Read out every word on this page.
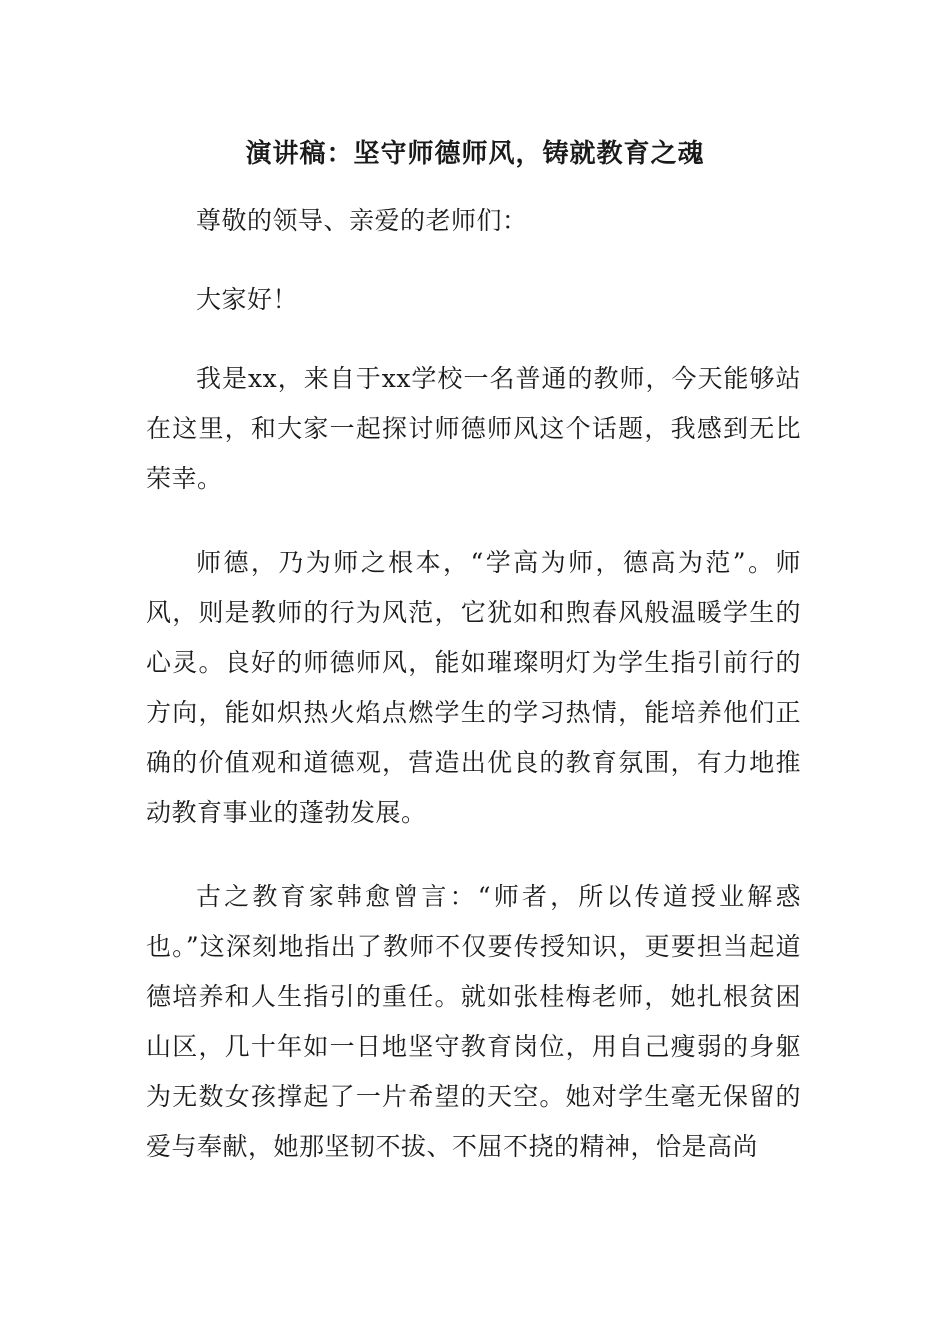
演讲稿：坚守师德师风，铸就教育之魂

尊敬的领导、亲爱的老师们：

大家好！

我是xx，来自于xx学校一名普通的教师，今天能够站在这里，和大家一起探讨师德师风这个话题，我感到无比荣幸。

师德，乃为师之根本，“学高为师，德高为范”。师风，则是教师的行为风范，它犹如和煦春风般温暖学生的心灵。良好的师德师风，能如璀璨明灯为学生指引前行的方向，能如炽热火焰点燃学生的学习热情，能培养他们正确的价值观和道德观，营造出优良的教育氛围，有力地推动教育事业的蓬勃发展。

古之教育家韩愈曾言：“师者，所以传道授业解惑也。”这深刻地指出了教师不仅要传授知识，更要担当起道德培养和人生指引的重任。就如张桂梅老师，她扎根贫困山区，几十年如一日地坚守教育岗位，用自己瘦弱的身躯为无数女孩撑起了一片希望的天空。她对学生毫无保留的爱与奉献，她那坚韧不拔、不屈不挠的精神，恰是高尚
